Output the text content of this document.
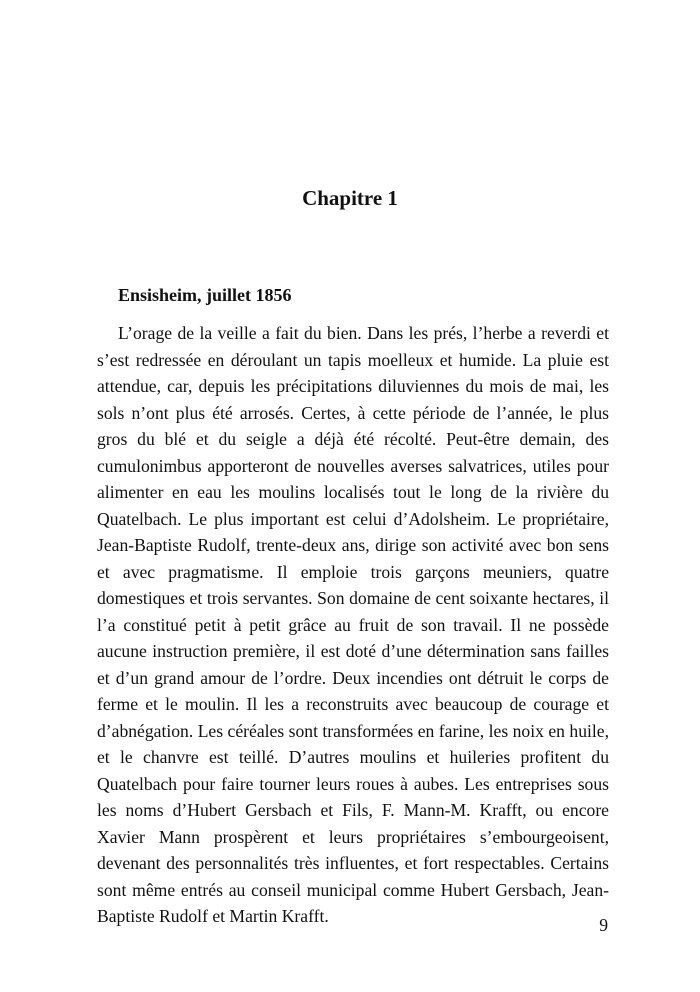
Chapitre 1
Ensisheim, juillet 1856

L’orage de la veille a fait du bien. Dans les prés, l’herbe a reverdi et s’est redressée en déroulant un tapis moelleux et humide. La pluie est attendue, car, depuis les précipitations diluviennes du mois de mai, les sols n’ont plus été arrosés. Certes, à cette période de l’année, le plus gros du blé et du seigle a déjà été récolté. Peut-être demain, des cumulonimbus apporteront de nouvelles averses salvatrices, utiles pour alimenter en eau les moulins localisés tout le long de la rivière du Quatelbach. Le plus important est celui d’Adolsheim. Le propriétaire, Jean-Baptiste Rudolf, trente-deux ans, dirige son activité avec bon sens et avec pragmatisme. Il emploie trois garçons meuniers, quatre domestiques et trois servantes. Son domaine de cent soixante hectares, il l’a constitué petit à petit grâce au fruit de son travail. Il ne possède aucune instruction première, il est doté d’une détermination sans failles et d’un grand amour de l’ordre. Deux incendies ont détruit le corps de ferme et le moulin. Il les a reconstruits avec beaucoup de courage et d’abnégation. Les céréales sont transformées en farine, les noix en huile, et le chanvre est teillé. D’autres moulins et huileries profitent du Quatelbach pour faire tourner leurs roues à aubes. Les entreprises sous les noms d’Hubert Gersbach et Fils, F. Mann-M. Krafft, ou encore Xavier Mann prospèrent et leurs propriétaires s’embourgeoisent, devenant des personnalités très influentes, et fort respectables. Certains sont même entrés au conseil municipal comme Hubert Gersbach, Jean-Baptiste Rudolf et Martin Krafft.	9
